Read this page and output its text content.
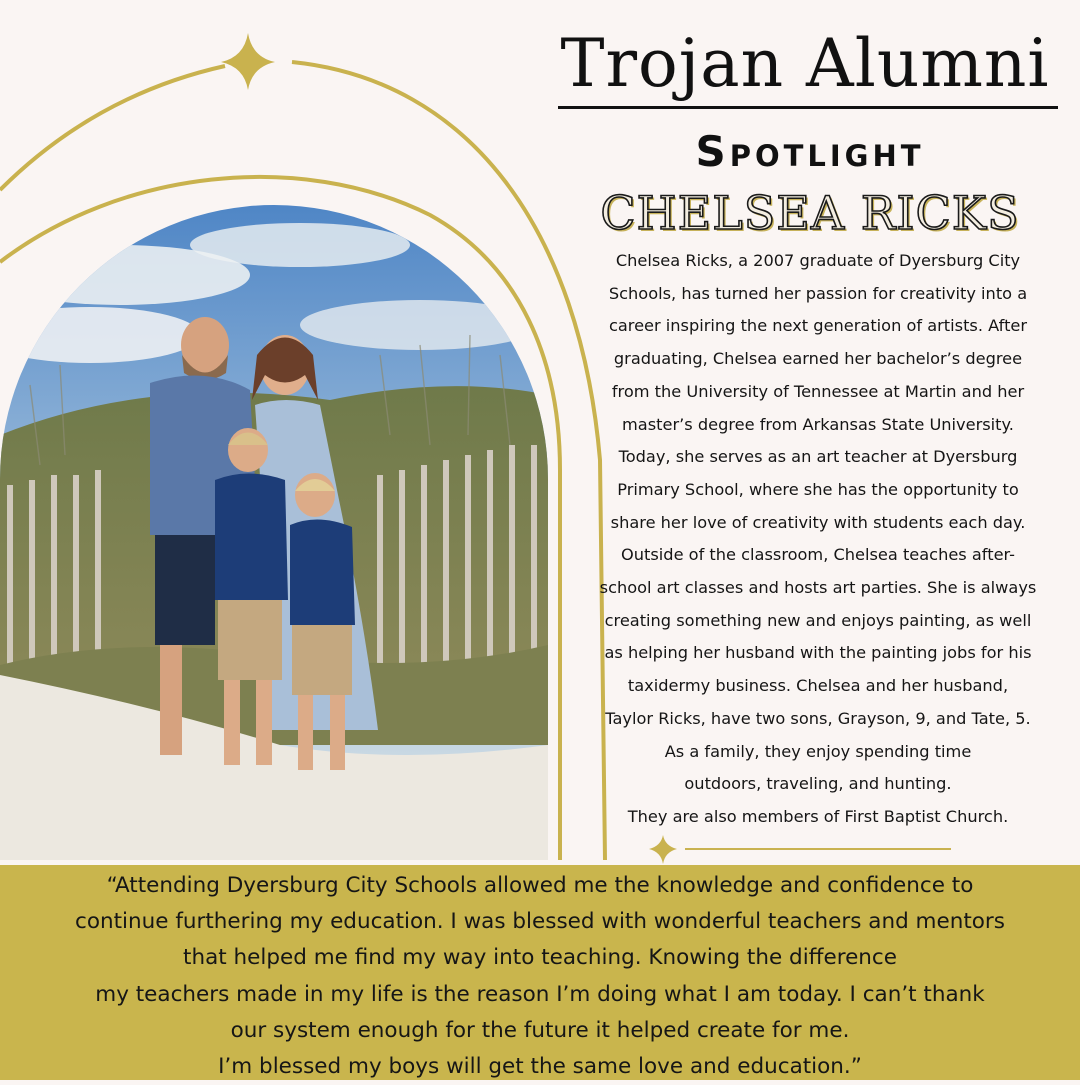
Trojan Alumni
Spotlight
CHELSEA RICKS

Chelsea Ricks, a 2007 graduate of Dyersburg City

Schools, has turned her passion for creativity into a

career inspiring the next generation of artists. After

graduating, Chelsea earned her bachelor’s degree

from the University of Tennessee at Martin and her

master’s degree from Arkansas State University.

Today, she serves as an art teacher at Dyersburg

Primary School, where she has the opportunity to

share her love of creativity with students each day.

Outside of the classroom, Chelsea teaches after-

school art classes and hosts art parties. She is always

creating something new and enjoys painting, as well

as helping her husband with the painting jobs for his

taxidermy business. Chelsea and her husband,

Taylor Ricks, have two sons, Grayson, 9, and Tate, 5.

As a family, they enjoy spending time

outdoors, traveling, and hunting.

They are also members of First Baptist Church.

“Attending Dyersburg City Schools allowed me the knowledge and confidence to

continue furthering my education. I was blessed with wonderful teachers and mentors

that helped me find my way into teaching. Knowing the difference

my teachers made in my life is the reason I’m doing what I am today. I can’t thank

our system enough for the future it helped create for me.

I’m blessed my boys will get the same love and education.”
